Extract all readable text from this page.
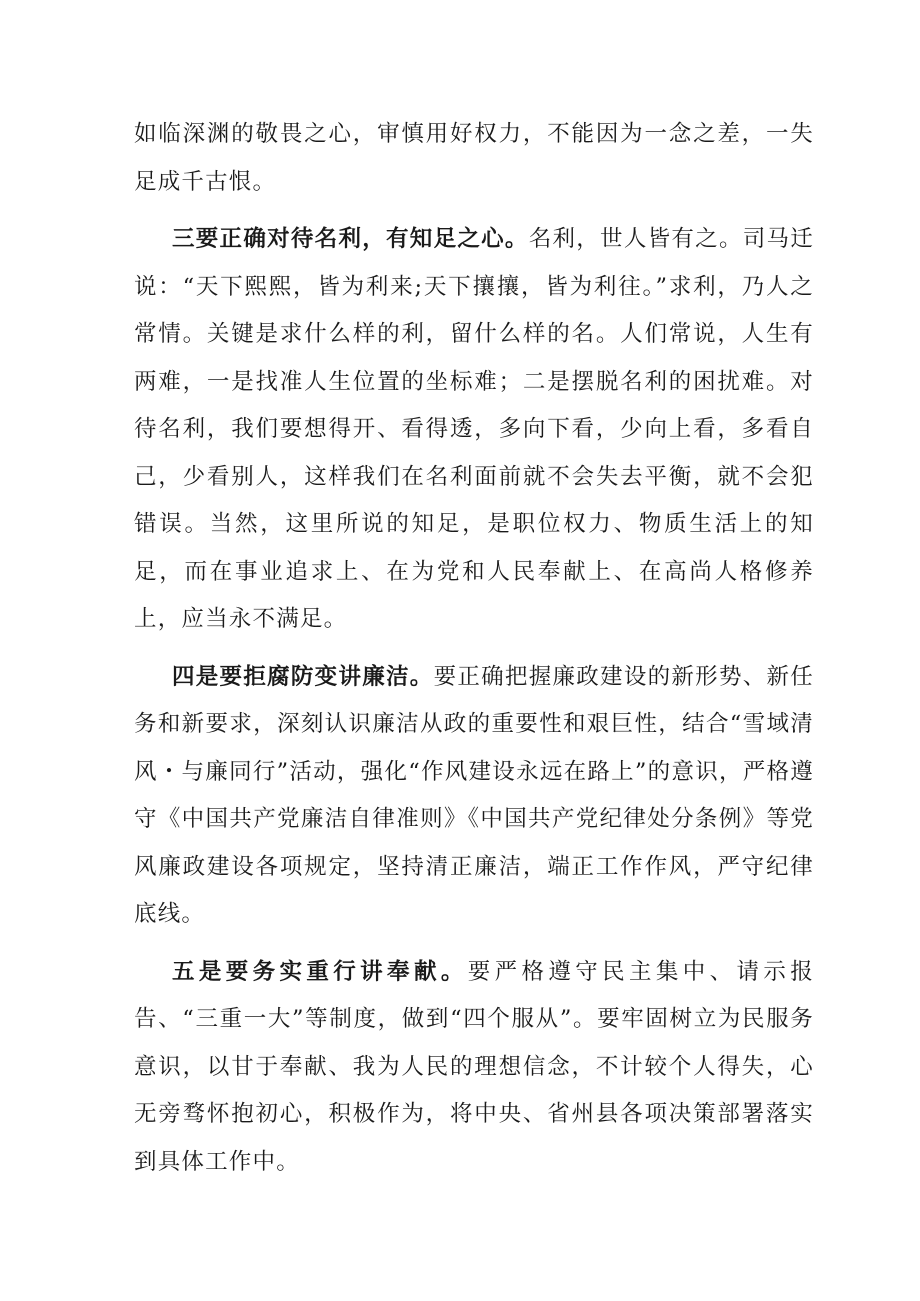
如临深渊的敬畏之心，审慎用好权力，不能因为一念之差，一失足成千古恨。

三要正确对待名利，有知足之心。名利，世人皆有之。司马迁说：“天下熙熙，皆为利来;天下攘攘，皆为利往。”求利，乃人之常情。关键是求什么样的利，留什么样的名。人们常说，人生有两难，一是找准人生位置的坐标难；二是摆脱名利的困扰难。对待名利，我们要想得开、看得透，多向下看，少向上看，多看自己，少看别人，这样我们在名利面前就不会失去平衡，就不会犯错误。当然，这里所说的知足，是职位权力、物质生活上的知足，而在事业追求上、在为党和人民奉献上、在高尚人格修养上，应当永不满足。

四是要拒腐防变讲廉洁。要正确把握廉政建设的新形势、新任务和新要求，深刻认识廉洁从政的重要性和艰巨性，结合“雪域清风・与廉同行”活动，强化“作风建设永远在路上”的意识，严格遵守《中国共产党廉洁自律准则》《中国共产党纪律处分条例》等党风廉政建设各项规定，坚持清正廉洁，端正工作作风，严守纪律底线。

五是要务实重行讲奉献。要严格遵守民主集中、请示报告、“三重一大”等制度，做到“四个服从”。要牢固树立为民服务意识，以甘于奉献、我为人民的理想信念，不计较个人得失，心无旁骛怀抱初心，积极作为，将中央、省州县各项决策部署落实到具体工作中。
